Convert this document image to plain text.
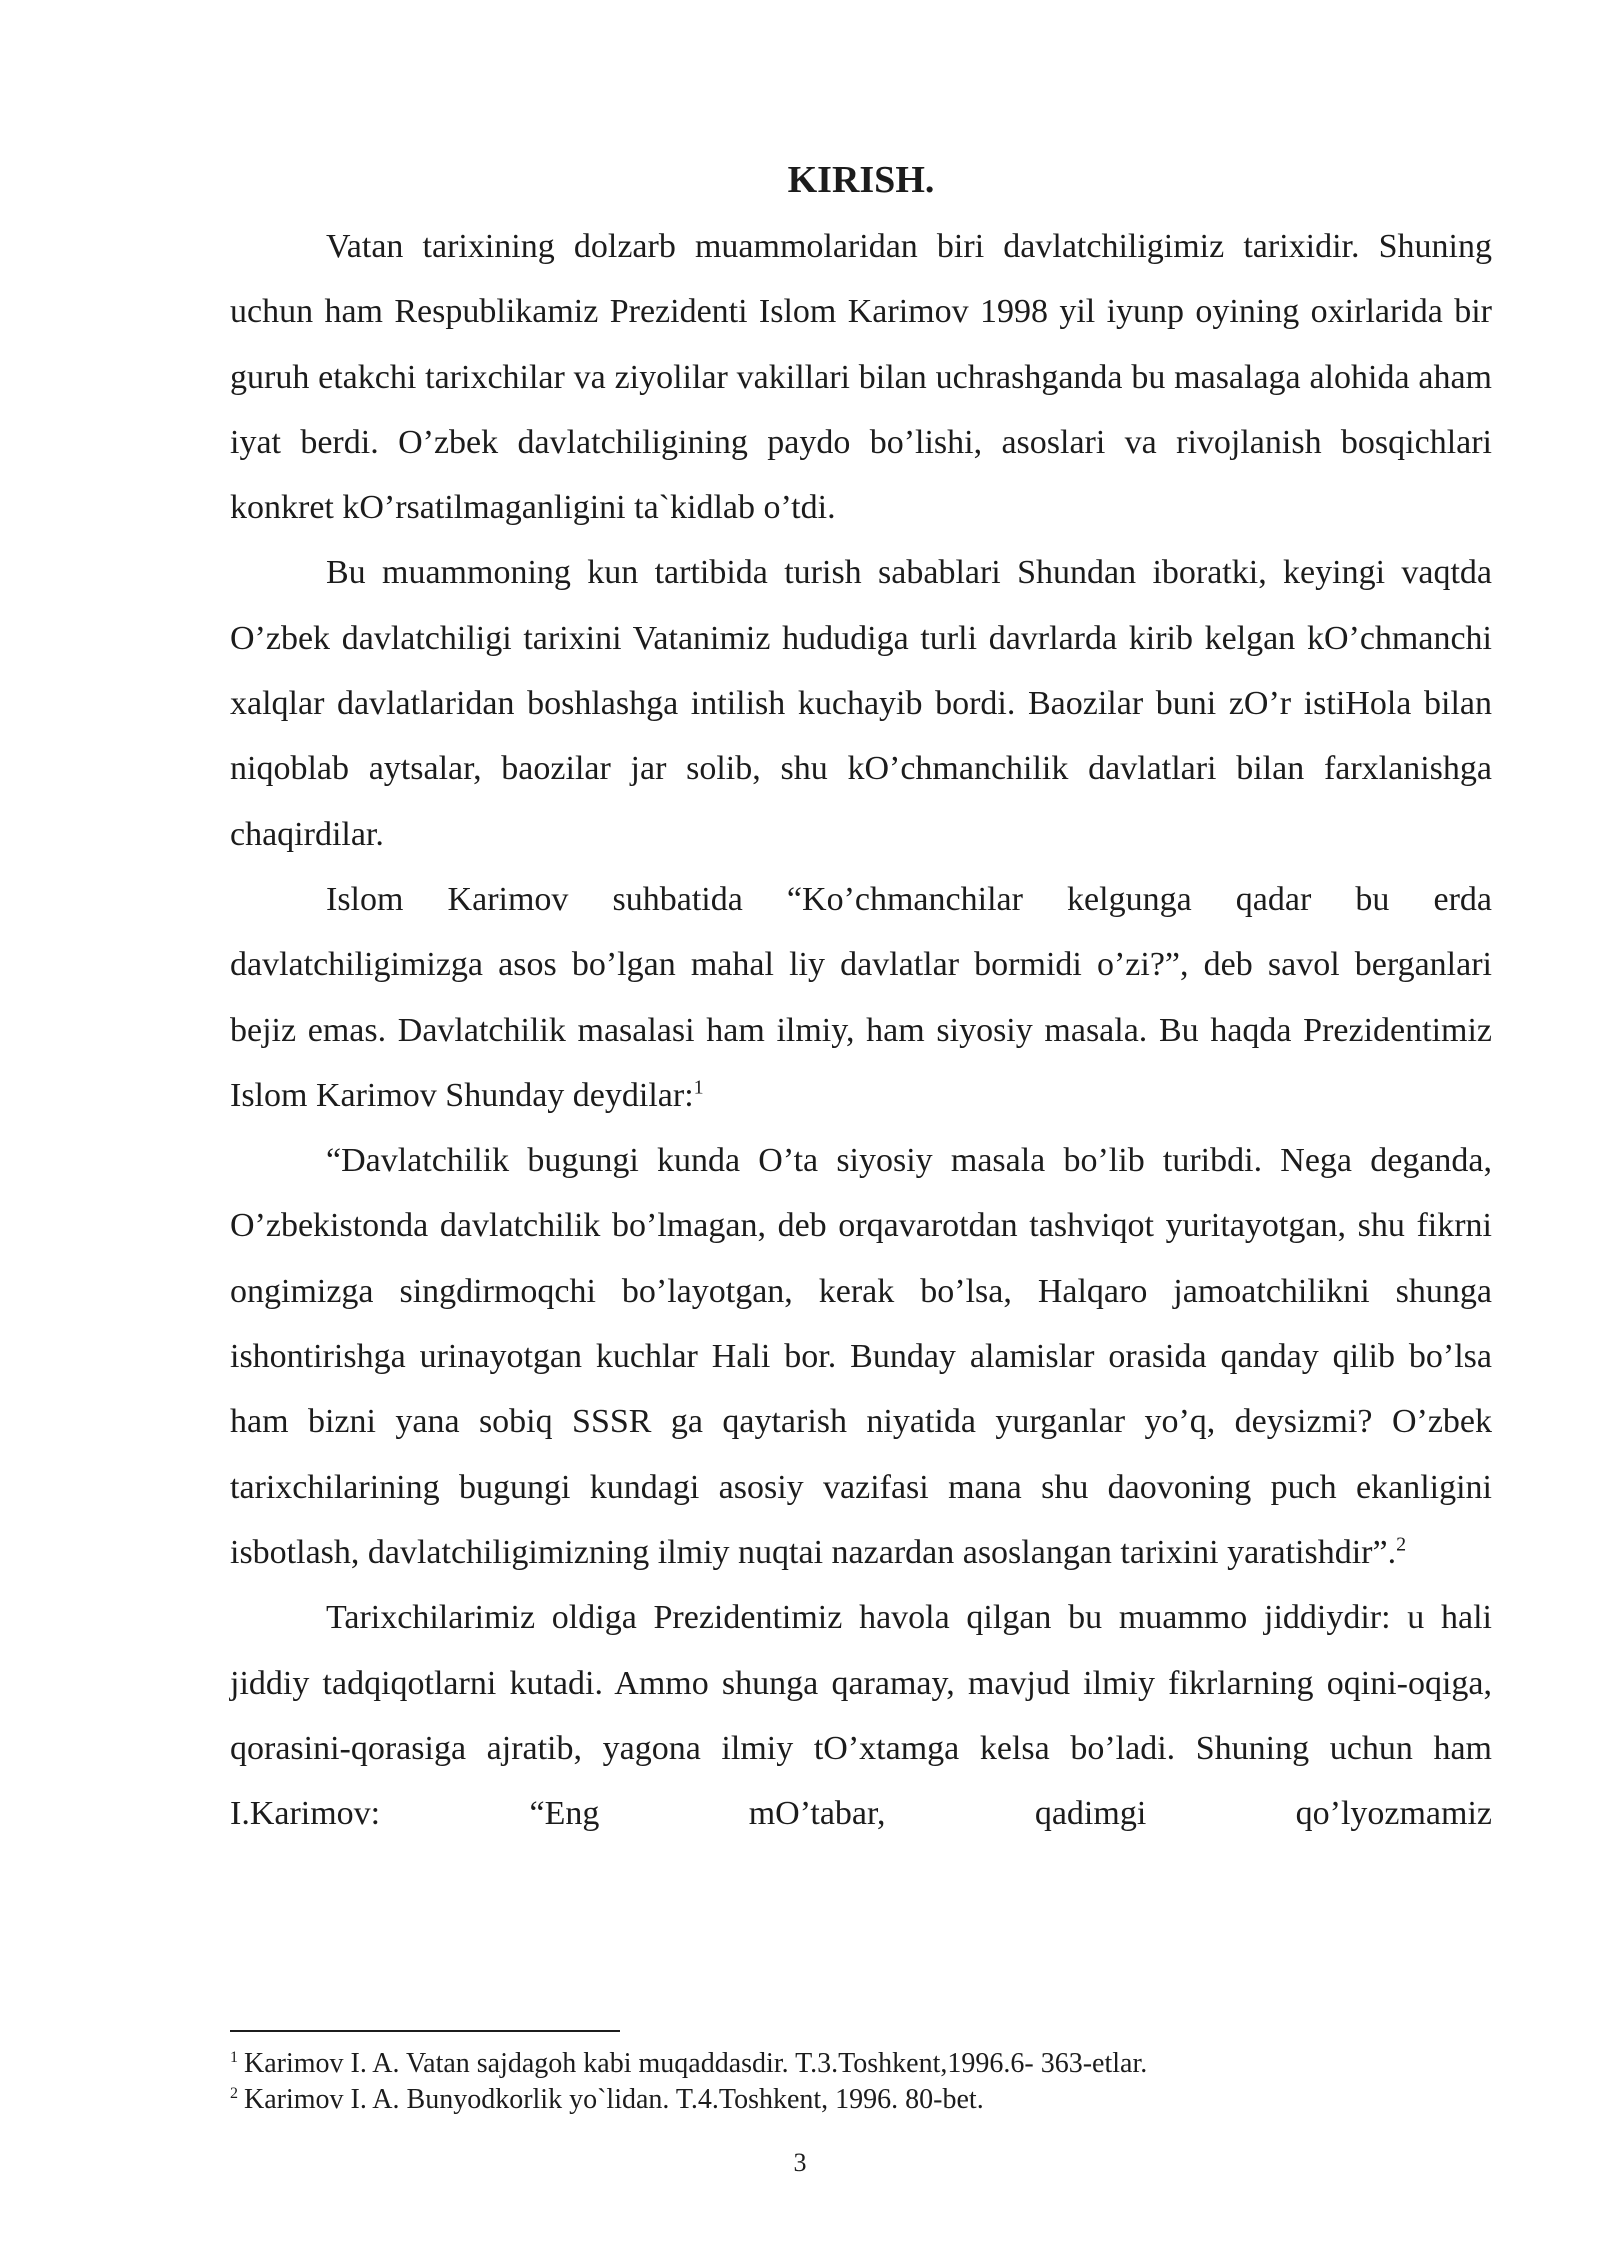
KIRISH.

Vatan tarixining dolzarb muammolaridan biri davlatchiligimiz tarixidir. Shuning uchun ham Respublikamiz Prezidenti Islom Karimov 1998 yil iyunp oyining oxirlarida bir guruh etakchi tarixchilar va ziyolilar vakillari bilan uchrashganda bu masalaga alohida aham iyat berdi. O’zbek davlatchiligining paydo bo’lishi, asoslari va rivojlanish bosqichlari konkret kO’rsatilmaganligini ta`kidlab o’tdi.

Bu muammoning kun tartibida turish sabablari Shundan iboratki, keyingi vaqtda O’zbek davlatchiligi tarixini Vatanimiz hududiga turli davrlarda kirib kelgan kO’chmanchi xalqlar davlatlaridan boshlashga intilish kuchayib bordi. Baozilar buni zO’r istiHola bilan niqoblab aytsalar, baozilar jar solib, shu kO’chmanchilik davlatlari bilan farxlanishga chaqirdilar.

Islom Karimov suhbatida “Ko’chmanchilar kelgunga qadar bu erda davlatchiligimizga asos bo’lgan mahal liy davlatlar bormidi o’zi?”, deb savol berganlari bejiz emas. Davlatchilik masalasi ham ilmiy, ham siyosiy masala. Bu haqda Prezidentimiz Islom Karimov Shunday deydilar:$^1$

“Davlatchilik bugungi kunda O’ta siyosiy masala bo’lib turibdi. Nega deganda, O’zbekistonda davlatchilik bo’lmagan, deb orqavarotdan tashviqot yuritayotgan, shu fikrni ongimizga singdirmoqchi bo’layotgan, kerak bo’lsa, Halqaro jamoatchilikni shunga ishontirishga urinayotgan kuchlar Hali bor. Bunday alamislar orasida qanday qilib bo’lsa ham bizni yana sobiq SSSR ga qaytarish niyatida yurganlar yo’q, deysizmi? O’zbek tarixchilarining bugungi kundagi asosiy vazifasi mana shu daovoning puch ekanligini isbotlash, davlatchiligimizning ilmiy nuqtai nazardan asoslangan tarixini yaratishdir”.$^2$

Tarixchilarimiz oldiga Prezidentimiz havola qilgan bu muammo jiddiydir: u hali jiddiy tadqiqotlarni kutadi. Ammo shunga qaramay, mavjud ilmiy fikrlarning oqini-oqiga, qorasini-qorasiga ajratib, yagona ilmiy tO’xtamga kelsa bo’ladi. Shuning uchun ham I.Karimov: “Eng mO’tabar, qadimgi qo’lyozmamiz

$^1$ Karimov I. A. Vatan sajdagoh kabi muqaddasdir. T.3.Toshkent,1996.6- 363-etlar.

$^2$ Karimov I. A. Bunyodkorlik yo`lidan. T.4.Toshkent, 1996. 80-bet.

3
